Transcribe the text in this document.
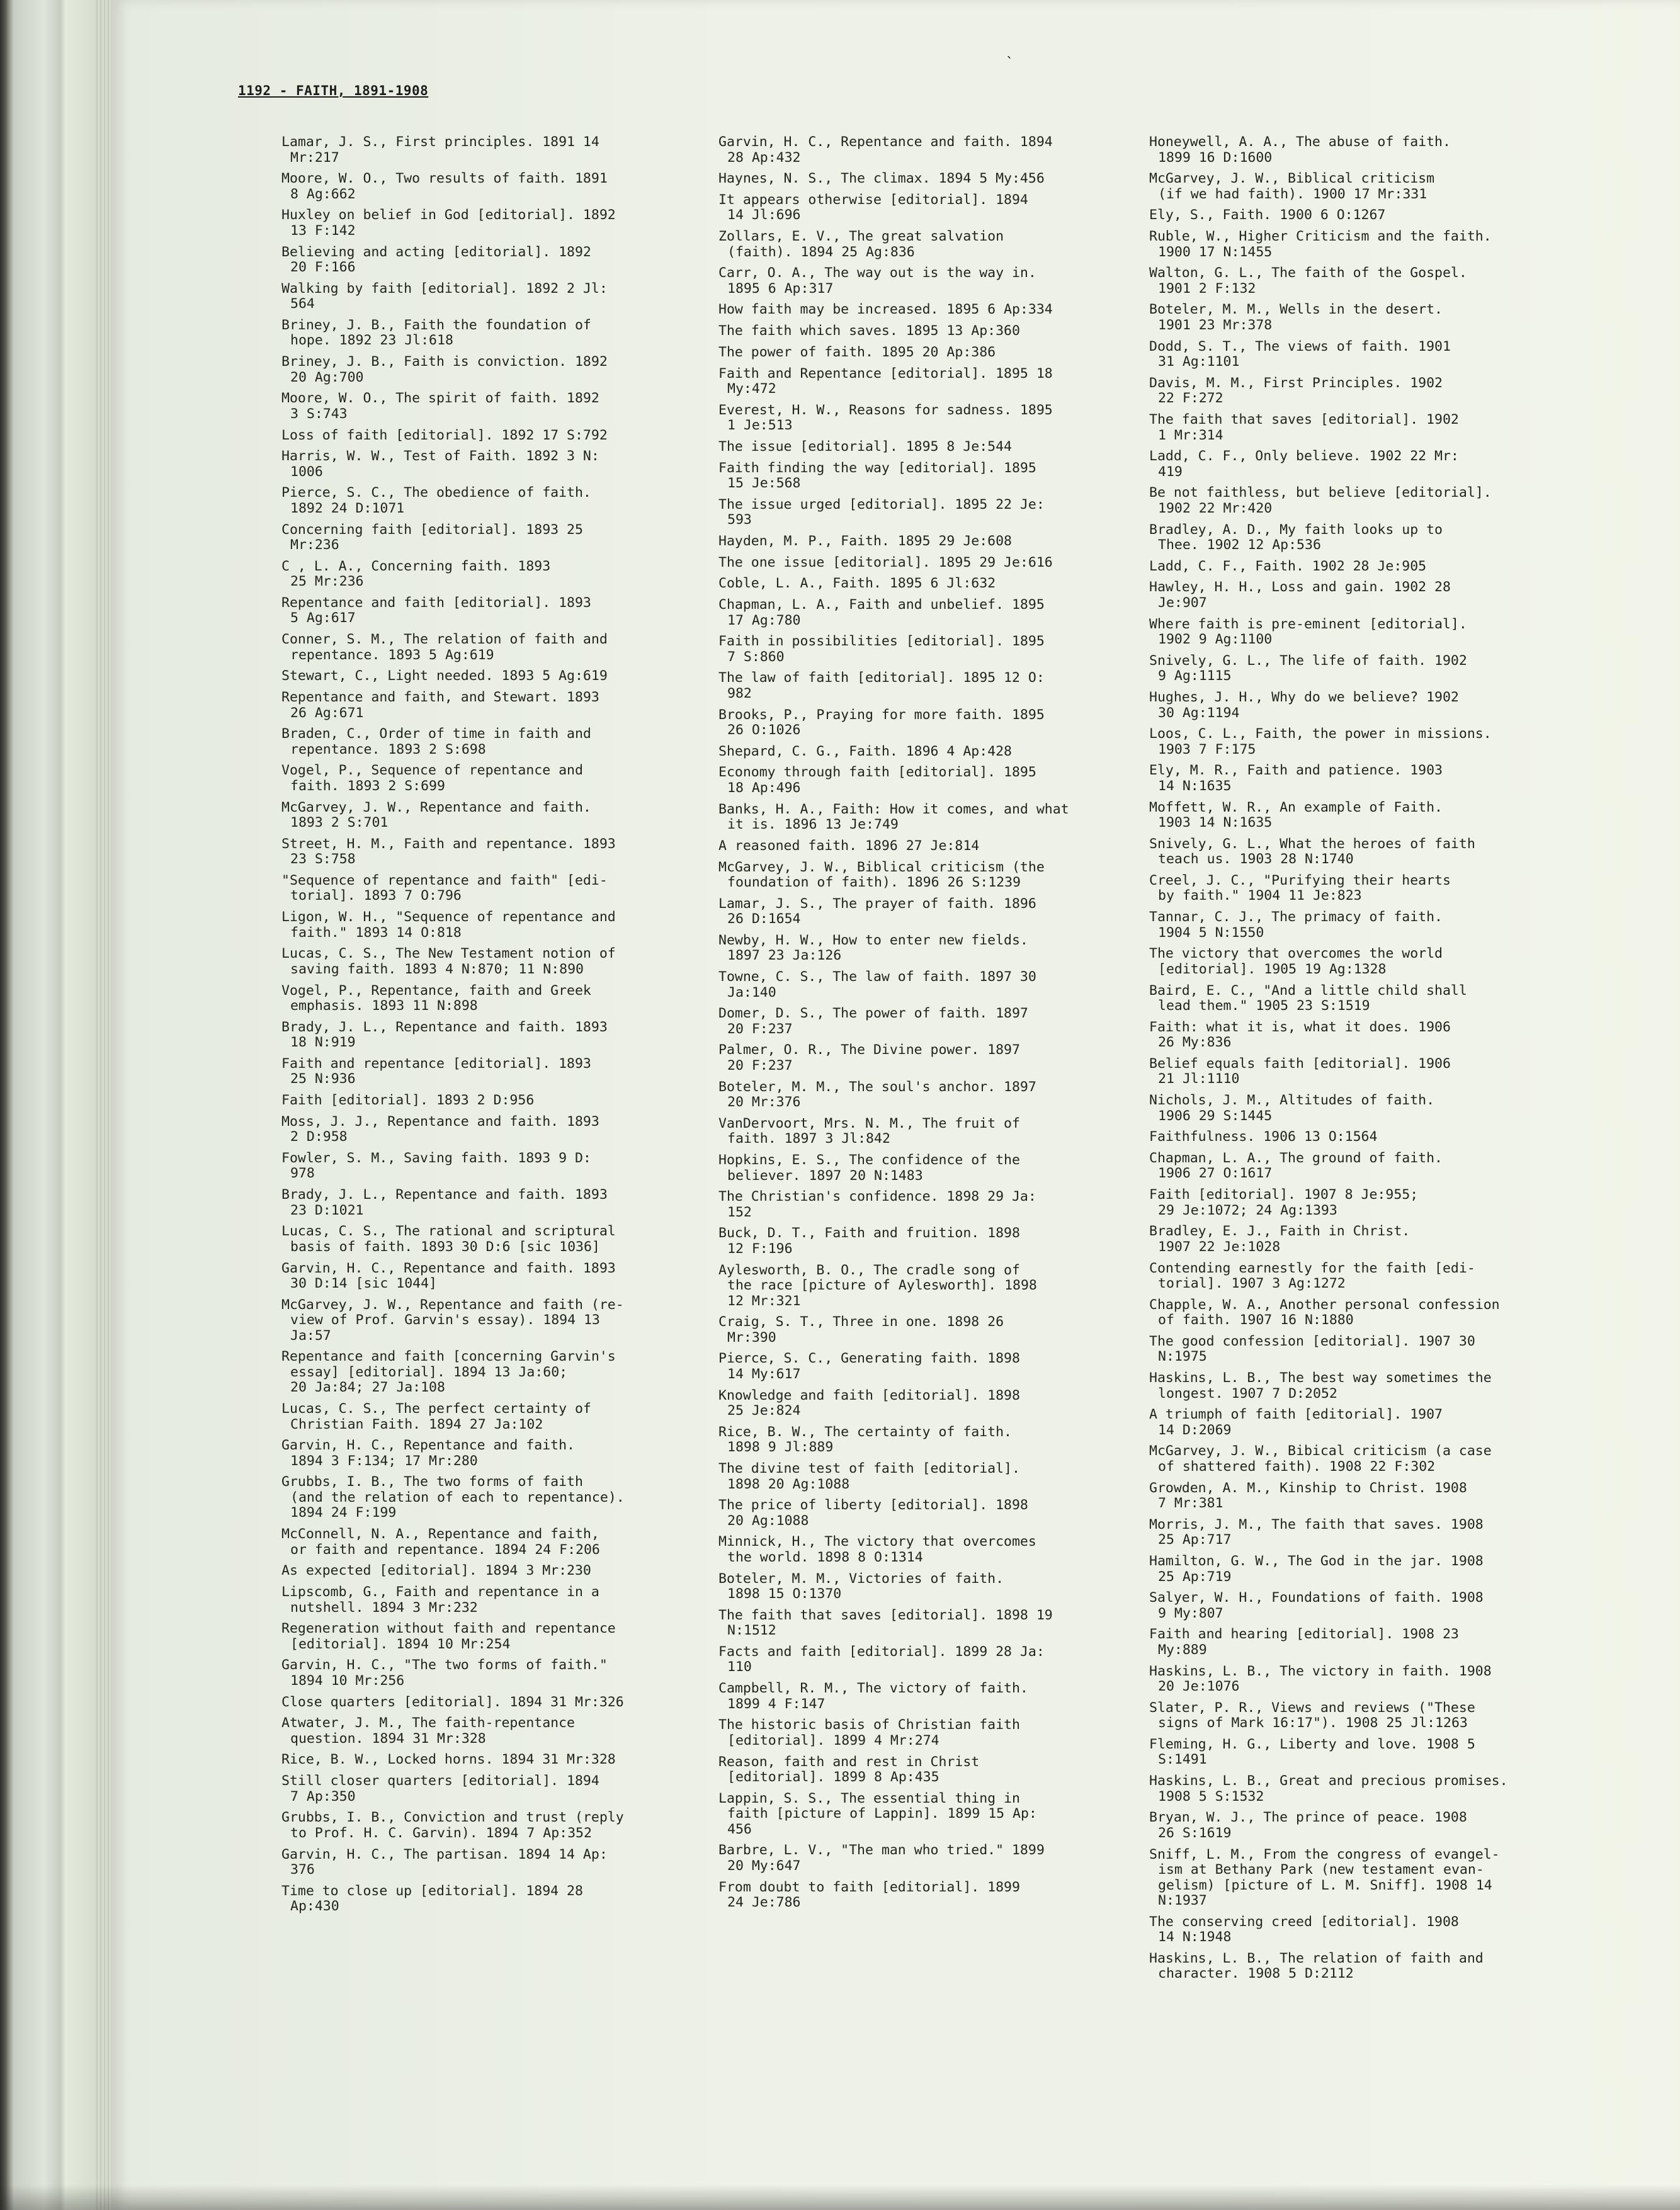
ˋ
1192 - FAITH, 1891-1908
Lamar, J. S., First principles. 1891 14
Mr:217
Moore, W. O., Two results of faith. 1891
8 Ag:662
Huxley on belief in God [editorial]. 1892
13 F:142
Believing and acting [editorial]. 1892
20 F:166
Walking by faith [editorial]. 1892 2 Jl:
564
Briney, J. B., Faith the foundation of
hope. 1892 23 Jl:618
Briney, J. B., Faith is conviction. 1892
20 Ag:700
Moore, W. O., The spirit of faith. 1892
3 S:743
Loss of faith [editorial]. 1892 17 S:792
Harris, W. W., Test of Faith. 1892 3 N:
1006
Pierce, S. C., The obedience of faith.
1892 24 D:1071
Concerning faith [editorial]. 1893 25
Mr:236
C , L. A., Concerning faith. 1893
25 Mr:236
Repentance and faith [editorial]. 1893
5 Ag:617
Conner, S. M., The relation of faith and
repentance. 1893 5 Ag:619
Stewart, C., Light needed. 1893 5 Ag:619
Repentance and faith, and Stewart. 1893
26 Ag:671
Braden, C., Order of time in faith and
repentance. 1893 2 S:698
Vogel, P., Sequence of repentance and
faith. 1893 2 S:699
McGarvey, J. W., Repentance and faith.
1893 2 S:701
Street, H. M., Faith and repentance. 1893
23 S:758
"Sequence of repentance and faith" [edi-
torial]. 1893 7 O:796
Ligon, W. H., "Sequence of repentance and
faith." 1893 14 O:818
Lucas, C. S., The New Testament notion of
saving faith. 1893 4 N:870; 11 N:890
Vogel, P., Repentance, faith and Greek
emphasis. 1893 11 N:898
Brady, J. L., Repentance and faith. 1893
18 N:919
Faith and repentance [editorial]. 1893
25 N:936
Faith [editorial]. 1893 2 D:956
Moss, J. J., Repentance and faith. 1893
2 D:958
Fowler, S. M., Saving faith. 1893 9 D:
978
Brady, J. L., Repentance and faith. 1893
23 D:1021
Lucas, C. S., The rational and scriptural
basis of faith. 1893 30 D:6 [sic 1036]
Garvin, H. C., Repentance and faith. 1893
30 D:14 [sic 1044]
McGarvey, J. W., Repentance and faith (re-
view of Prof. Garvin's essay). 1894 13
Ja:57
Repentance and faith [concerning Garvin's
essay] [editorial]. 1894 13 Ja:60;
20 Ja:84; 27 Ja:108
Lucas, C. S., The perfect certainty of
Christian Faith. 1894 27 Ja:102
Garvin, H. C., Repentance and faith.
1894 3 F:134; 17 Mr:280
Grubbs, I. B., The two forms of faith
(and the relation of each to repentance).
1894 24 F:199
McConnell, N. A., Repentance and faith,
or faith and repentance. 1894 24 F:206
As expected [editorial]. 1894 3 Mr:230
Lipscomb, G., Faith and repentance in a
nutshell. 1894 3 Mr:232
Regeneration without faith and repentance
[editorial]. 1894 10 Mr:254
Garvin, H. C., "The two forms of faith."
1894 10 Mr:256
Close quarters [editorial]. 1894 31 Mr:326
Atwater, J. M., The faith-repentance
question. 1894 31 Mr:328
Rice, B. W., Locked horns. 1894 31 Mr:328
Still closer quarters [editorial]. 1894
7 Ap:350
Grubbs, I. B., Conviction and trust (reply
to Prof. H. C. Garvin). 1894 7 Ap:352
Garvin, H. C., The partisan. 1894 14 Ap:
376
Time to close up [editorial]. 1894 28
Ap:430
Garvin, H. C., Repentance and faith. 1894
28 Ap:432
Haynes, N. S., The climax. 1894 5 My:456
It appears otherwise [editorial]. 1894
14 Jl:696
Zollars, E. V., The great salvation
(faith). 1894 25 Ag:836
Carr, O. A., The way out is the way in.
1895 6 Ap:317
How faith may be increased. 1895 6 Ap:334
The faith which saves. 1895 13 Ap:360
The power of faith. 1895 20 Ap:386
Faith and Repentance [editorial]. 1895 18
My:472
Everest, H. W., Reasons for sadness. 1895
1 Je:513
The issue [editorial]. 1895 8 Je:544
Faith finding the way [editorial]. 1895
15 Je:568
The issue urged [editorial]. 1895 22 Je:
593
Hayden, M. P., Faith. 1895 29 Je:608
The one issue [editorial]. 1895 29 Je:616
Coble, L. A., Faith. 1895 6 Jl:632
Chapman, L. A., Faith and unbelief. 1895
17 Ag:780
Faith in possibilities [editorial]. 1895
7 S:860
The law of faith [editorial]. 1895 12 O:
982
Brooks, P., Praying for more faith. 1895
26 O:1026
Shepard, C. G., Faith. 1896 4 Ap:428
Economy through faith [editorial]. 1895
18 Ap:496
Banks, H. A., Faith: How it comes, and what
it is. 1896 13 Je:749
A reasoned faith. 1896 27 Je:814
McGarvey, J. W., Biblical criticism (the
foundation of faith). 1896 26 S:1239
Lamar, J. S., The prayer of faith. 1896
26 D:1654
Newby, H. W., How to enter new fields.
1897 23 Ja:126
Towne, C. S., The law of faith. 1897 30
Ja:140
Domer, D. S., The power of faith. 1897
20 F:237
Palmer, O. R., The Divine power. 1897
20 F:237
Boteler, M. M., The soul's anchor. 1897
20 Mr:376
VanDervoort, Mrs. N. M., The fruit of
faith. 1897 3 Jl:842
Hopkins, E. S., The confidence of the
believer. 1897 20 N:1483
The Christian's confidence. 1898 29 Ja:
152
Buck, D. T., Faith and fruition. 1898
12 F:196
Aylesworth, B. O., The cradle song of
the race [picture of Aylesworth]. 1898
12 Mr:321
Craig, S. T., Three in one. 1898 26
Mr:390
Pierce, S. C., Generating faith. 1898
14 My:617
Knowledge and faith [editorial]. 1898
25 Je:824
Rice, B. W., The certainty of faith.
1898 9 Jl:889
The divine test of faith [editorial].
1898 20 Ag:1088
The price of liberty [editorial]. 1898
20 Ag:1088
Minnick, H., The victory that overcomes
the world. 1898 8 O:1314
Boteler, M. M., Victories of faith.
1898 15 O:1370
The faith that saves [editorial]. 1898 19
N:1512
Facts and faith [editorial]. 1899 28 Ja:
110
Campbell, R. M., The victory of faith.
1899 4 F:147
The historic basis of Christian faith
[editorial]. 1899 4 Mr:274
Reason, faith and rest in Christ
[editorial]. 1899 8 Ap:435
Lappin, S. S., The essential thing in
faith [picture of Lappin]. 1899 15 Ap:
456
Barbre, L. V., "The man who tried." 1899
20 My:647
From doubt to faith [editorial]. 1899
24 Je:786
Honeywell, A. A., The abuse of faith.
1899 16 D:1600
McGarvey, J. W., Biblical criticism
(if we had faith). 1900 17 Mr:331
Ely, S., Faith. 1900 6 O:1267
Ruble, W., Higher Criticism and the faith.
1900 17 N:1455
Walton, G. L., The faith of the Gospel.
1901 2 F:132
Boteler, M. M., Wells in the desert.
1901 23 Mr:378
Dodd, S. T., The views of faith. 1901
31 Ag:1101
Davis, M. M., First Principles. 1902
22 F:272
The faith that saves [editorial]. 1902
1 Mr:314
Ladd, C. F., Only believe. 1902 22 Mr:
419
Be not faithless, but believe [editorial].
1902 22 Mr:420
Bradley, A. D., My faith looks up to
Thee. 1902 12 Ap:536
Ladd, C. F., Faith. 1902 28 Je:905
Hawley, H. H., Loss and gain. 1902 28
Je:907
Where faith is pre-eminent [editorial].
1902 9 Ag:1100
Snively, G. L., The life of faith. 1902
9 Ag:1115
Hughes, J. H., Why do we believe? 1902
30 Ag:1194
Loos, C. L., Faith, the power in missions.
1903 7 F:175
Ely, M. R., Faith and patience. 1903
14 N:1635
Moffett, W. R., An example of Faith.
1903 14 N:1635
Snively, G. L., What the heroes of faith
teach us. 1903 28 N:1740
Creel, J. C., "Purifying their hearts
by faith." 1904 11 Je:823
Tannar, C. J., The primacy of faith.
1904 5 N:1550
The victory that overcomes the world
[editorial]. 1905 19 Ag:1328
Baird, E. C., "And a little child shall
lead them." 1905 23 S:1519
Faith: what it is, what it does. 1906
26 My:836
Belief equals faith [editorial]. 1906
21 Jl:1110
Nichols, J. M., Altitudes of faith.
1906 29 S:1445
Faithfulness. 1906 13 O:1564
Chapman, L. A., The ground of faith.
1906 27 O:1617
Faith [editorial]. 1907 8 Je:955;
29 Je:1072; 24 Ag:1393
Bradley, E. J., Faith in Christ.
1907 22 Je:1028
Contending earnestly for the faith [edi-
torial]. 1907 3 Ag:1272
Chapple, W. A., Another personal confession
of faith. 1907 16 N:1880
The good confession [editorial]. 1907 30
N:1975
Haskins, L. B., The best way sometimes the
longest. 1907 7 D:2052
A triumph of faith [editorial]. 1907
14 D:2069
McGarvey, J. W., Bibical criticism (a case
of shattered faith). 1908 22 F:302
Growden, A. M., Kinship to Christ. 1908
7 Mr:381
Morris, J. M., The faith that saves. 1908
25 Ap:717
Hamilton, G. W., The God in the jar. 1908
25 Ap:719
Salyer, W. H., Foundations of faith. 1908
9 My:807
Faith and hearing [editorial]. 1908 23
My:889
Haskins, L. B., The victory in faith. 1908
20 Je:1076
Slater, P. R., Views and reviews ("These
signs of Mark 16:17"). 1908 25 Jl:1263
Fleming, H. G., Liberty and love. 1908 5
S:1491
Haskins, L. B., Great and precious promises.
1908 5 S:1532
Bryan, W. J., The prince of peace. 1908
26 S:1619
Sniff, L. M., From the congress of evangel-
ism at Bethany Park (new testament evan-
gelism) [picture of L. M. Sniff]. 1908 14
N:1937
The conserving creed [editorial]. 1908
14 N:1948
Haskins, L. B., The relation of faith and
character. 1908 5 D:2112
